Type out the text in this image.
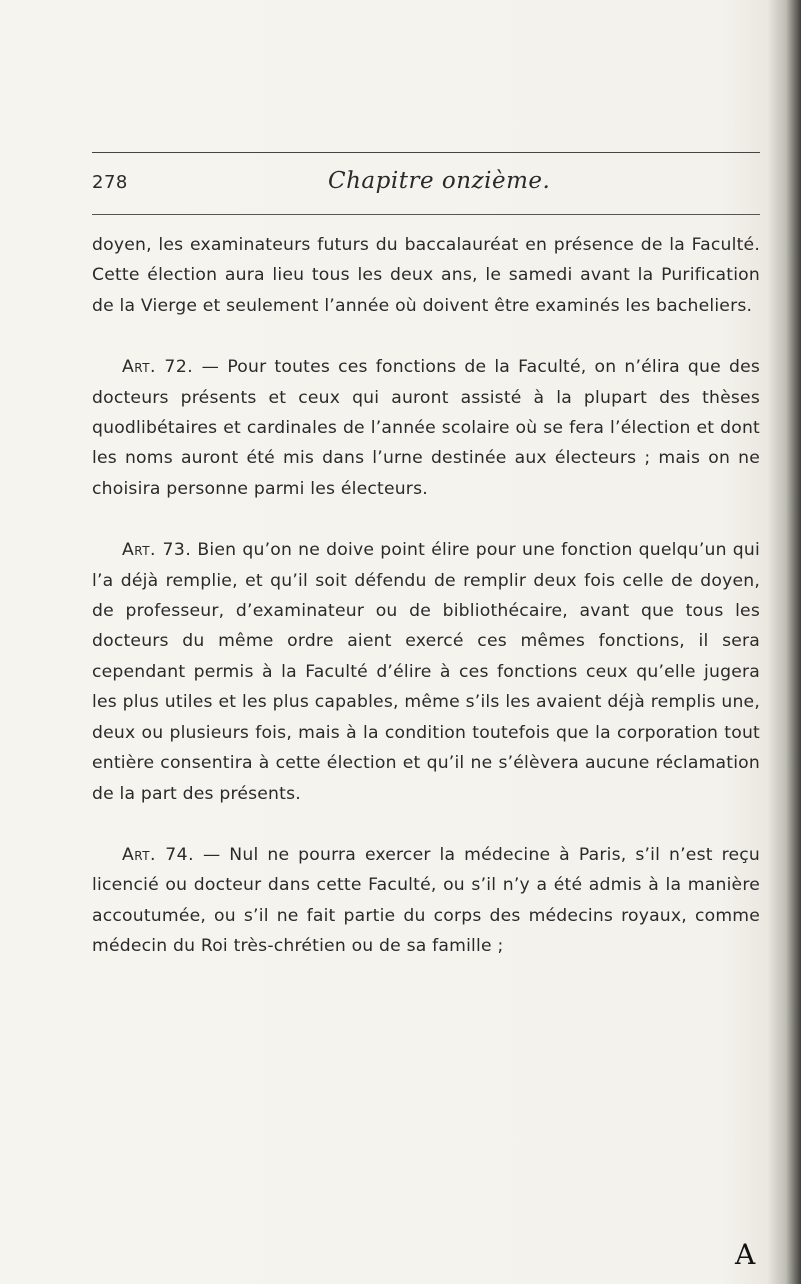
278	Chapitre onzième.

doyen, les examinateurs futurs du baccalauréat en présence de la Faculté. Cette élection aura lieu tous les deux ans, le samedi avant la Purification de la Vierge et seulement l’année où doivent être examinés les bacheliers.

Art. 72. — Pour toutes ces fonctions de la Faculté, on n’élira que des docteurs présents et ceux qui auront assisté à la plupart des thèses quodlibétaires et cardinales de l’année scolaire où se fera l’élection et dont les noms auront été mis dans l’urne destinée aux électeurs ; mais on ne choisira personne parmi les électeurs.

Art. 73. Bien qu’on ne doive point élire pour une fonction quelqu’un qui l’a déjà remplie, et qu’il soit défendu de remplir deux fois celle de doyen, de professeur, d’examinateur ou de bibliothécaire, avant que tous les docteurs du même ordre aient exercé ces mêmes fonctions, il sera cependant permis à la Faculté d’élire à ces fonctions ceux qu’elle jugera les plus utiles et les plus capables, même s’ils les avaient déjà remplis une, deux ou plusieurs fois, mais à la condition toutefois que la corporation tout entière consentira à cette élection et qu’il ne s’élèvera aucune réclamation de la part des présents.

Art. 74. — Nul ne pourra exercer la médecine à Paris, s’il n’est reçu licencié ou docteur dans cette Faculté, ou s’il n’y a été admis à la manière accoutumée, ou s’il ne fait partie du corps des médecins royaux, comme médecin du Roi très-chrétien ou de sa famille ;

A
